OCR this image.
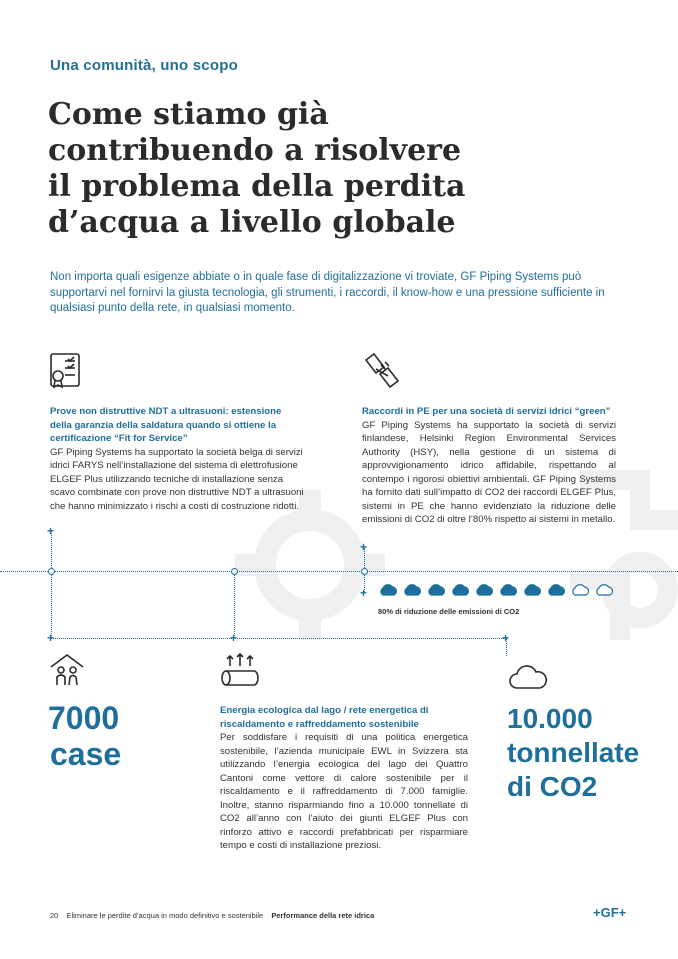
Una comunità, uno scopo
Come stiamo già
contribuendo a risolvere
il problema della perdita
d’acqua a livello globale
Non importa quali esigenze abbiate o in quale fase di digitalizzazione vi troviate, GF Piping Systems può supportarvi nel fornirvi la giusta tecnologia, gli strumenti, i raccordi, il know-how e una pressione sufficiente in qualsiasi punto della rete, in qualsiasi momento.
Prove non distruttive NDT a ultrasuoni: estensione della garanzia della saldatura quando si ottiene la certificazione “Fit for Service”
GF Piping Systems ha supportato la società belga di servizi idrici FARYS nell’installazione del sistema di elettrofusione ELGEF Plus utilizzando tecniche di installazione senza scavo combinate con prove non distruttive NDT a ultrasuoni che hanno minimizzato i rischi a costi di costruzione ridotti.
Raccordi in PE per una società di servizi idrici “green”
GF Piping Systems ha supportato la società di servizi finlandese, Helsinki Region Environmental Services Authority (HSY), nella gestione di un sistema di approvvigionamento idrico affidabile, rispettando al contempo i rigorosi obiettivi ambientali. GF Piping Systems ha fornito dati sull’impatto di CO2 dei raccordi ELGEF Plus, sistemi in PE che hanno evidenziato la riduzione delle emissioni di CO2 di oltre l’80% rispetto ai sistemi in metallo.
Energia ecologica dal lago / rete energetica di riscaldamento e raffreddamento sostenibile
Per soddisfare i requisiti di una politica energetica sostenibile, l’azienda municipale EWL in Svizzera sta utilizzando l’energia ecologica del lago dei Quattro Cantoni come vettore di calore sostenibile per il riscaldamento e il raffreddamento di 7.000 famiglie. Inoltre, stanno risparmiando fino a 10.000 tonnellate di CO2 all’anno con l’aiuto dei giunti ELGEF Plus con rinforzo attivo e raccordi prefabbricati per risparmiare tempo e costi di installazione preziosi.
+
+
+
+	+	+
80% di riduzione delle emissioni di CO2
7000
case
10.000
tonnellate
di CO2
20 Eliminare le perdite d’acqua in modo definitivo e sostenibile Performance della rete idrica	+GF+
